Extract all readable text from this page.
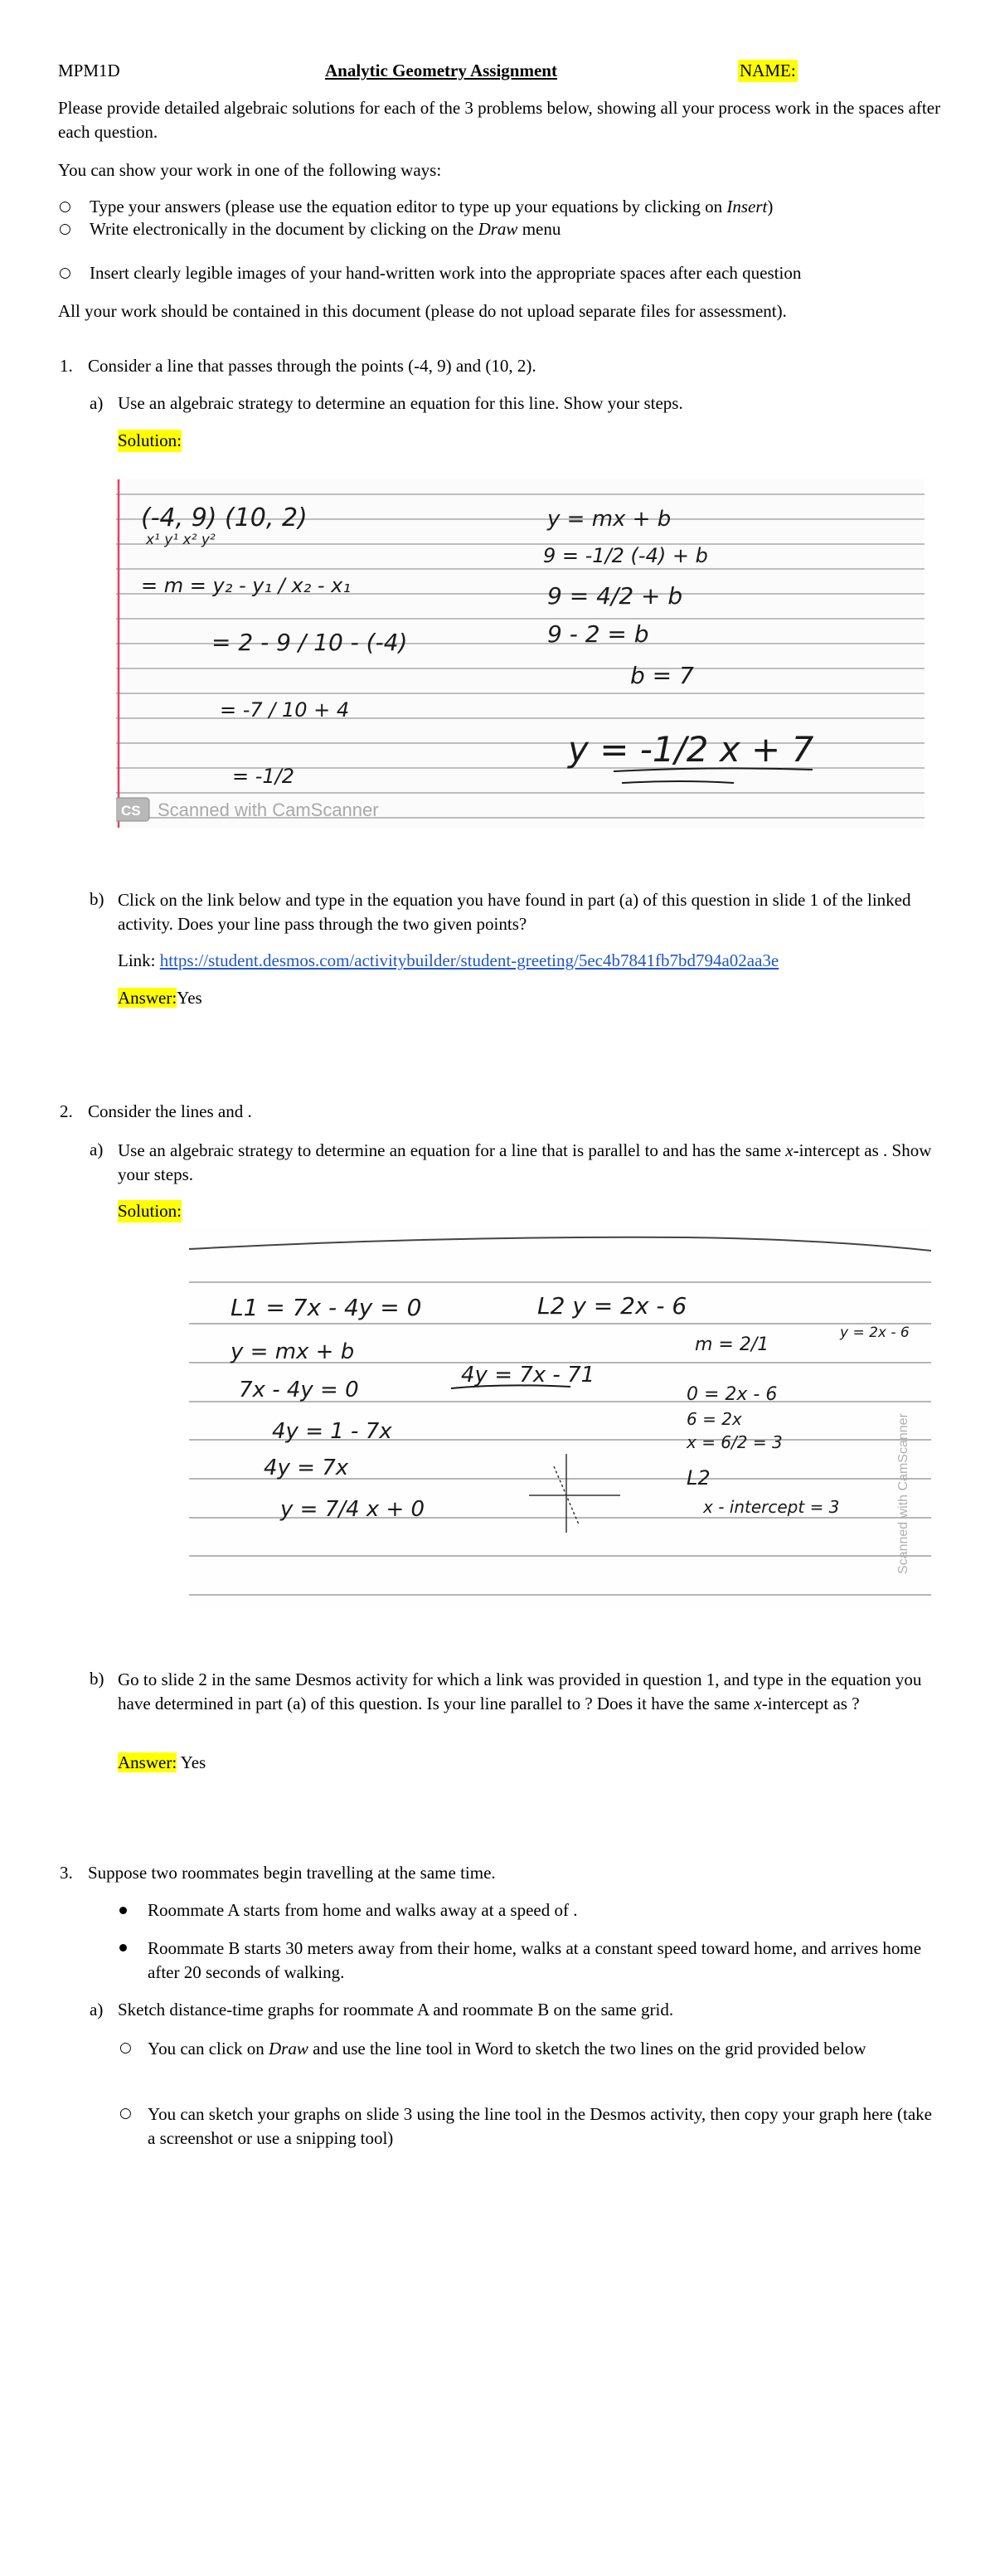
MPM1D	Analytic Geometry Assignment	NAME:
Please provide detailed algebraic solutions for each of the 3 problems below, showing all your process work in the spaces after each question.
You can show your work in one of the following ways:
○ Type your answers (please use the equation editor to type up your equations by clicking on Insert)
○ Write electronically in the document by clicking on the Draw menu
○ Insert clearly legible images of your hand-written work into the appropriate spaces after each question
All your work should be contained in this document (please do not upload separate files for assessment).
1. Consider a line that passes through the points (-4, 9) and (10, 2).
a) Use an algebraic strategy to determine an equation for this line. Show your steps.
Solution:
(-4, 9) (10, 2)
x¹ y¹ x² y²
= m = y₂ - y₁ / x₂ - x₁
= 2 - 9 / 10 - (-4)
= -7 / 10 + 4
= -1/2
y = mx + b
9 = -1/2 (-4) + b
9 = 4/2 + b
9 - 2 = b
b = 7
y = -1/2 x + 7
CS Scanned with CamScanner
b) Click on the link below and type in the equation you have found in part (a) of this question in slide 1 of the linked activity. Does your line pass through the two given points?
Link: https://student.desmos.com/activitybuilder/student-greeting/5ec4b7841fb7bd794a02aa3e
Answer:Yes
2. Consider the lines and .
a) Use an algebraic strategy to determine an equation for a line that is parallel to and has the same x-intercept as . Show your steps.
Solution:
L1 = 7x - 4y = 0
y = mx + b
7x - 4y = 0
4y = 1 - 7x
4y = 7x
y = 7/4 x + 0
4y = 7x - 71
L2 y = 2x - 6
m = 2/1
0 = 2x - 6
6 = 2x
x = 6/2 = 3
L2
x - intercept = 3
y = 2x - 6
Scanned with CamScanner
b) Go to slide 2 in the same Desmos activity for which a link was provided in question 1, and type in the equation you have determined in part (a) of this question. Is your line parallel to ? Does it have the same x-intercept as ?
Answer: Yes
3. Suppose two roommates begin travelling at the same time.
Roommate A starts from home and walks away at a speed of .
Roommate B starts 30 meters away from their home, walks at a constant speed toward home, and arrives home after 20 seconds of walking.
a) Sketch distance-time graphs for roommate A and roommate B on the same grid.
○ You can click on Draw and use the line tool in Word to sketch the two lines on the grid provided below
○ You can sketch your graphs on slide 3 using the line tool in the Desmos activity, then copy your graph here (take a screenshot or use a snipping tool)
